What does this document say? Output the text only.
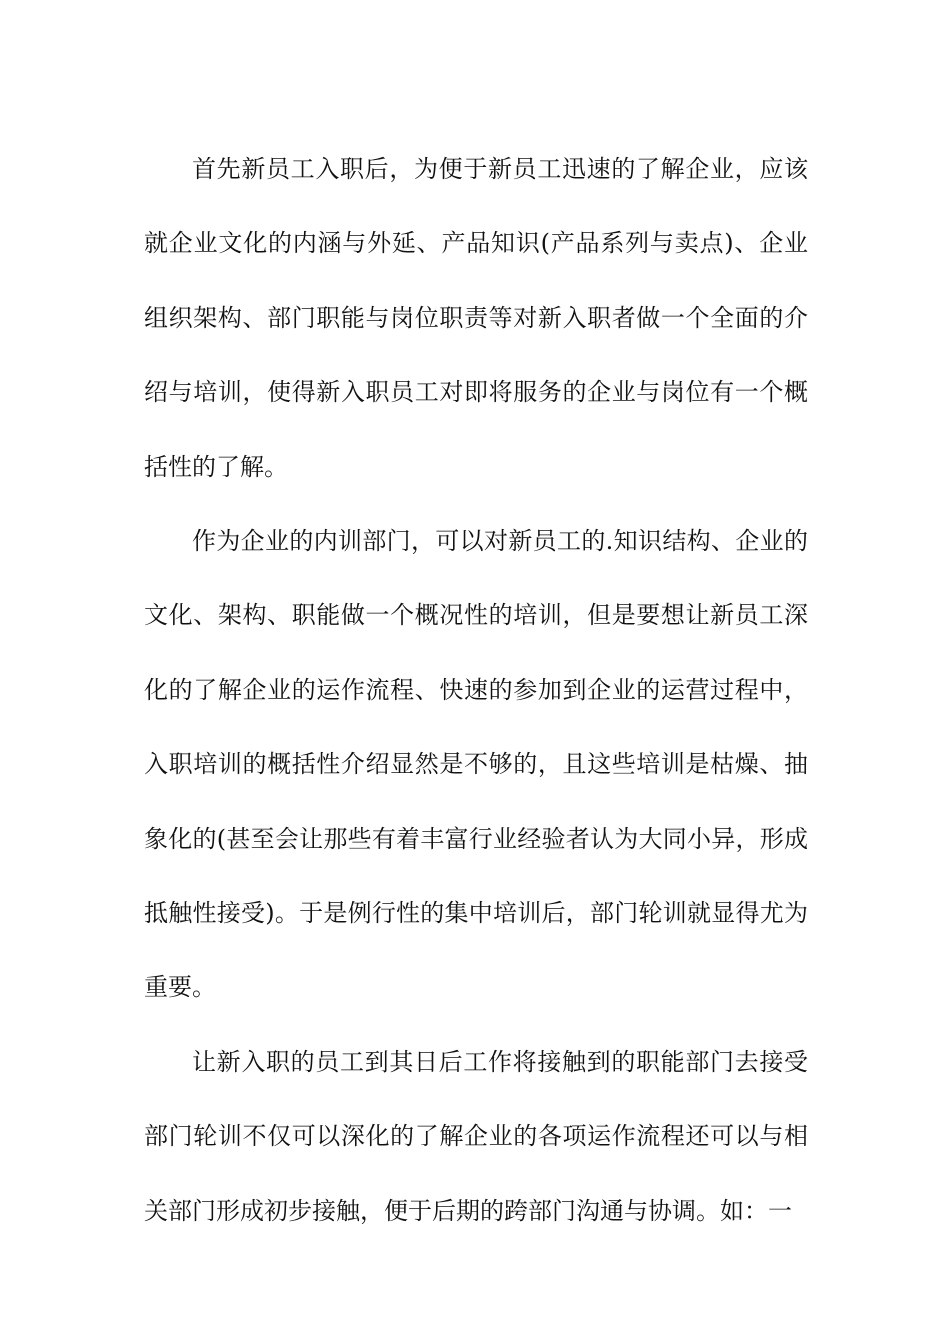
首先新员工入职后，为便于新员工迅速的了解企业，应该就企业文化的内涵与外延、产品知识(产品系列与卖点)、企业组织架构、部门职能与岗位职责等对新入职者做一个全面的介绍与培训，使得新入职员工对即将服务的企业与岗位有一个概括性的了解。

作为企业的内训部门，可以对新员工的.知识结构、企业的文化、架构、职能做一个概况性的培训，但是要想让新员工深化的了解企业的运作流程、快速的参加到企业的运营过程中，入职培训的概括性介绍显然是不够的，且这些培训是枯燥、抽象化的(甚至会让那些有着丰富行业经验者认为大同小异，形成抵触性接受)。于是例行性的集中培训后，部门轮训就显得尤为重要。

让新入职的员工到其日后工作将接触到的职能部门去接受部门轮训不仅可以深化的了解企业的各项运作流程还可以与相关部门形成初步接触，便于后期的跨部门沟通与协调。如：一
